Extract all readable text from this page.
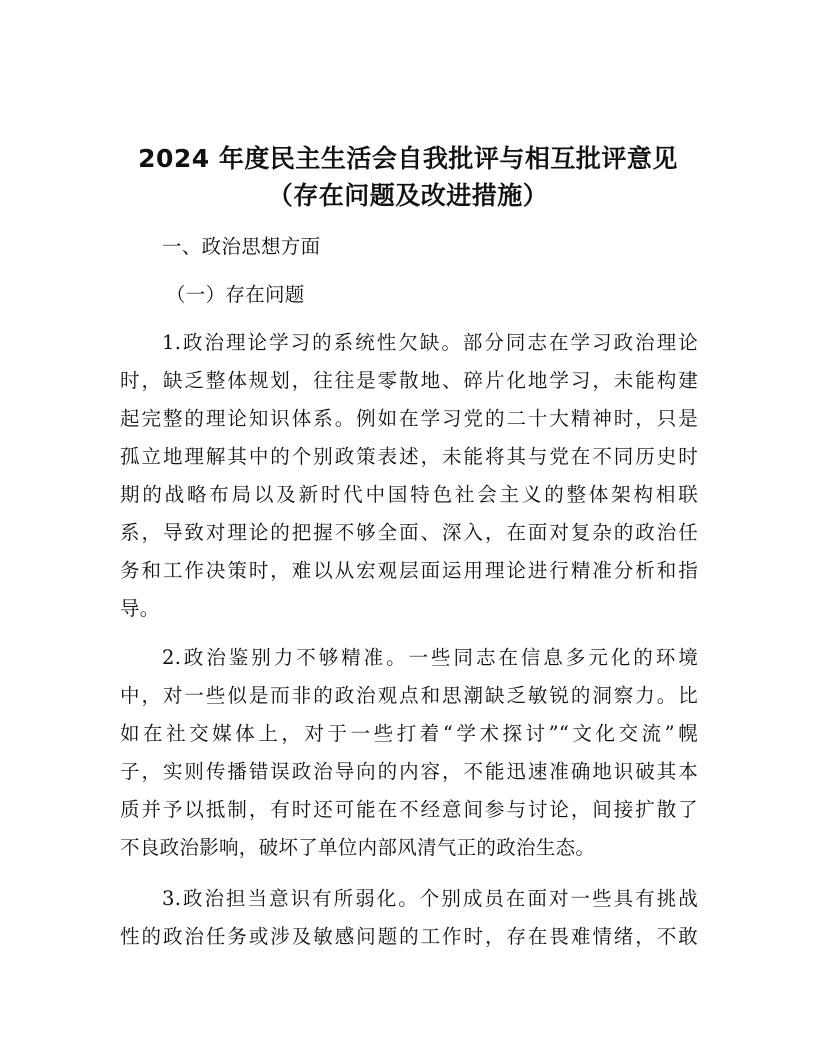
2024 年度民主生活会自我批评与相互批评意见
（存在问题及改进措施）

一、政治思想方面

（一）存在问题

1.政治理论学习的系统性欠缺。部分同志在学习政治理论
时，缺乏整体规划，往往是零散地、碎片化地学习，未能构建
起完整的理论知识体系。例如在学习党的二十大精神时，只是
孤立地理解其中的个别政策表述，未能将其与党在不同历史时
期的战略布局以及新时代中国特色社会主义的整体架构相联
系，导致对理论的把握不够全面、深入，在面对复杂的政治任
务和工作决策时，难以从宏观层面运用理论进行精准分析和指
导。
2.政治鉴别力不够精准。一些同志在信息多元化的环境
中，对一些似是而非的政治观点和思潮缺乏敏锐的洞察力。比
如在社交媒体上，对于一些打着“学术探讨”“文化交流”幌
子，实则传播错误政治导向的内容，不能迅速准确地识破其本
质并予以抵制，有时还可能在不经意间参与讨论，间接扩散了
不良政治影响，破坏了单位内部风清气正的政治生态。
3.政治担当意识有所弱化。个别成员在面对一些具有挑战
性的政治任务或涉及敏感问题的工作时，存在畏难情绪，不敢
